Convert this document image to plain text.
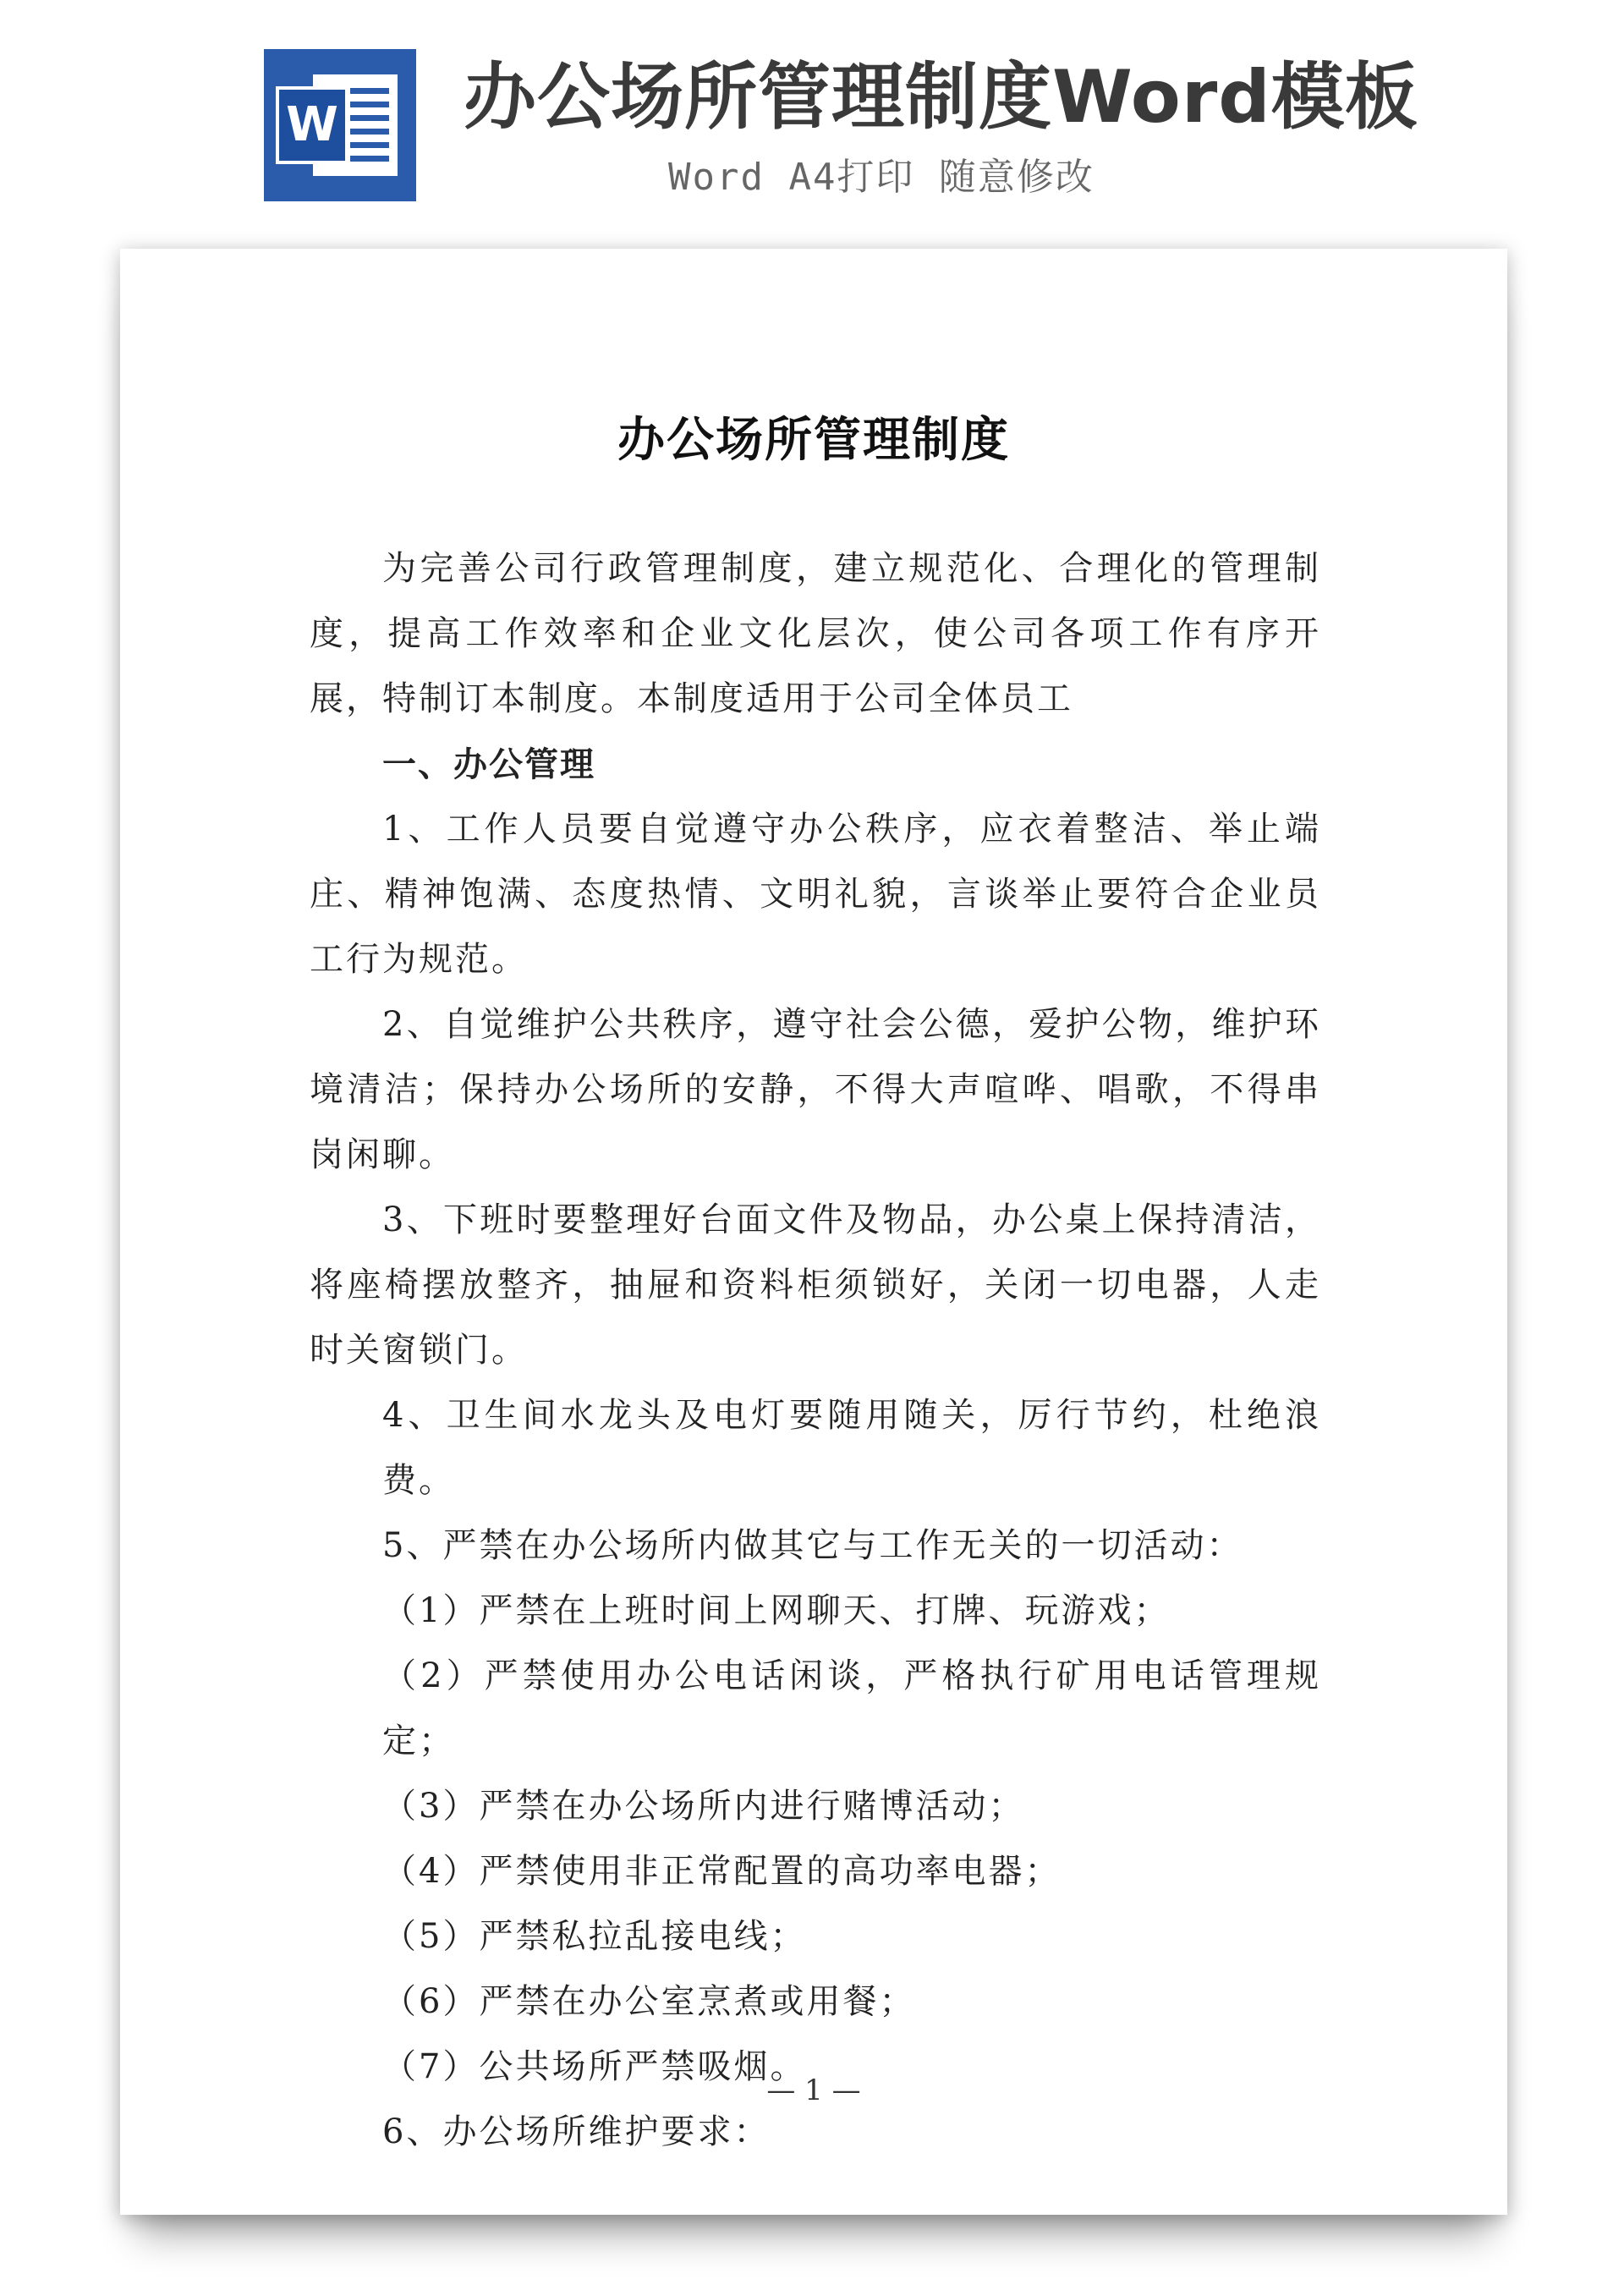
W 办公场所管理制度Word模板
Word A4打印 随意修改
办公场所管理制度

为完善公司行政管理制度，建立规范化、合理化的管理制度，提高工作效率和企业文化层次，使公司各项工作有序开展，特制订本制度。本制度适用于公司全体员工

一、办公管理

1、工作人员要自觉遵守办公秩序，应衣着整洁、举止端庄、精神饱满、态度热情、文明礼貌，言谈举止要符合企业员工行为规范。

2、自觉维护公共秩序，遵守社会公德，爱护公物，维护环境清洁；保持办公场所的安静，不得大声喧哗、唱歌，不得串岗闲聊。

3、下班时要整理好台面文件及物品，办公桌上保持清洁，将座椅摆放整齐，抽屉和资料柜须锁好，关闭一切电器，人走时关窗锁门。

4、卫生间水龙头及电灯要随用随关，厉行节约，杜绝浪费。

5、严禁在办公场所内做其它与工作无关的一切活动：

（1）严禁在上班时间上网聊天、打牌、玩游戏；

（2）严禁使用办公电话闲谈，严格执行矿用电话管理规定；

（3）严禁在办公场所内进行赌博活动；

（4）严禁使用非正常配置的高功率电器；

（5）严禁私拉乱接电线；

（6）严禁在办公室烹煮或用餐；

（7）公共场所严禁吸烟。

6、办公场所维护要求：

— 1 —
